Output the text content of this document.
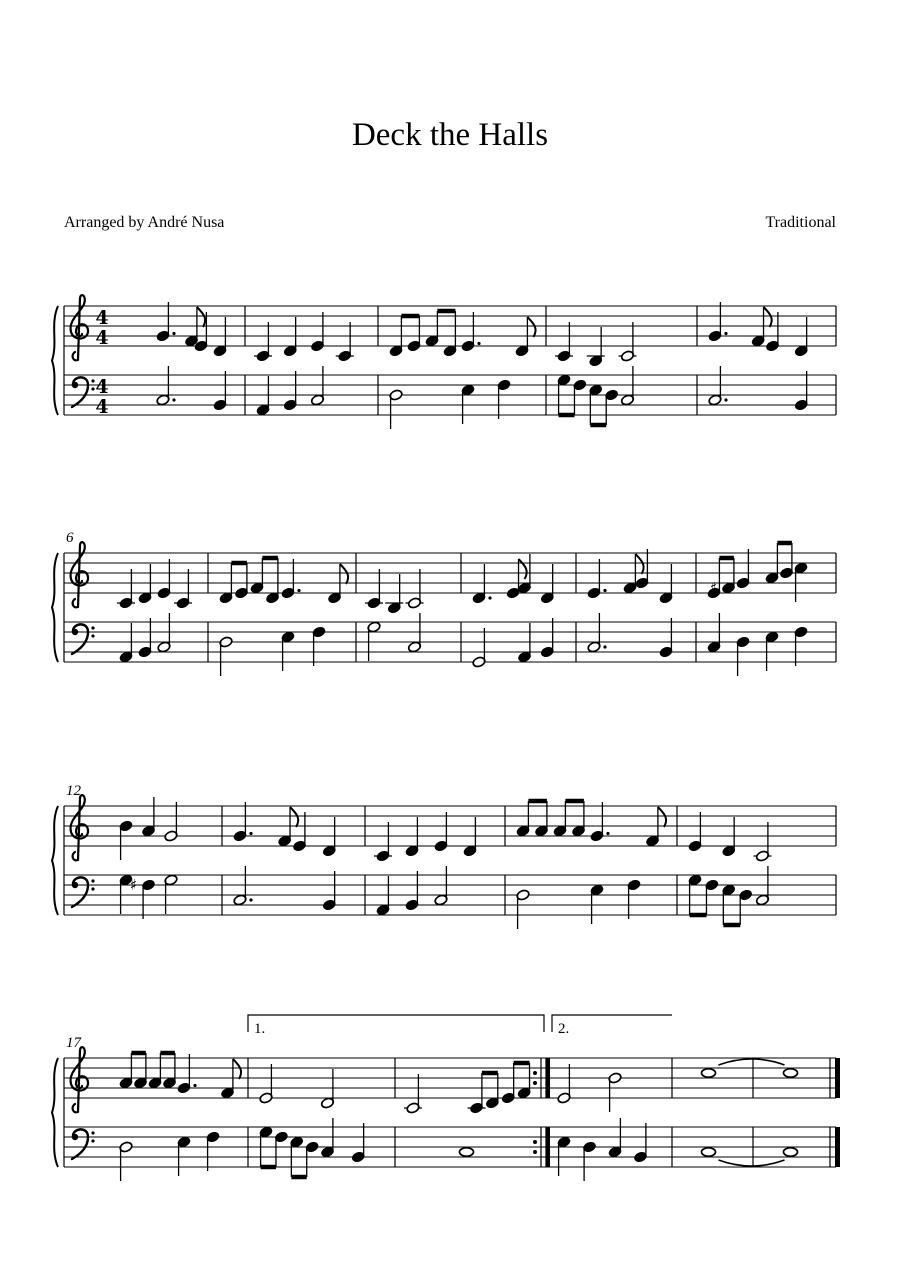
Deck the Halls
Arranged by André Nusa	Traditional
4
4
4
4
6
♯
12
♯
1.	2.
17
